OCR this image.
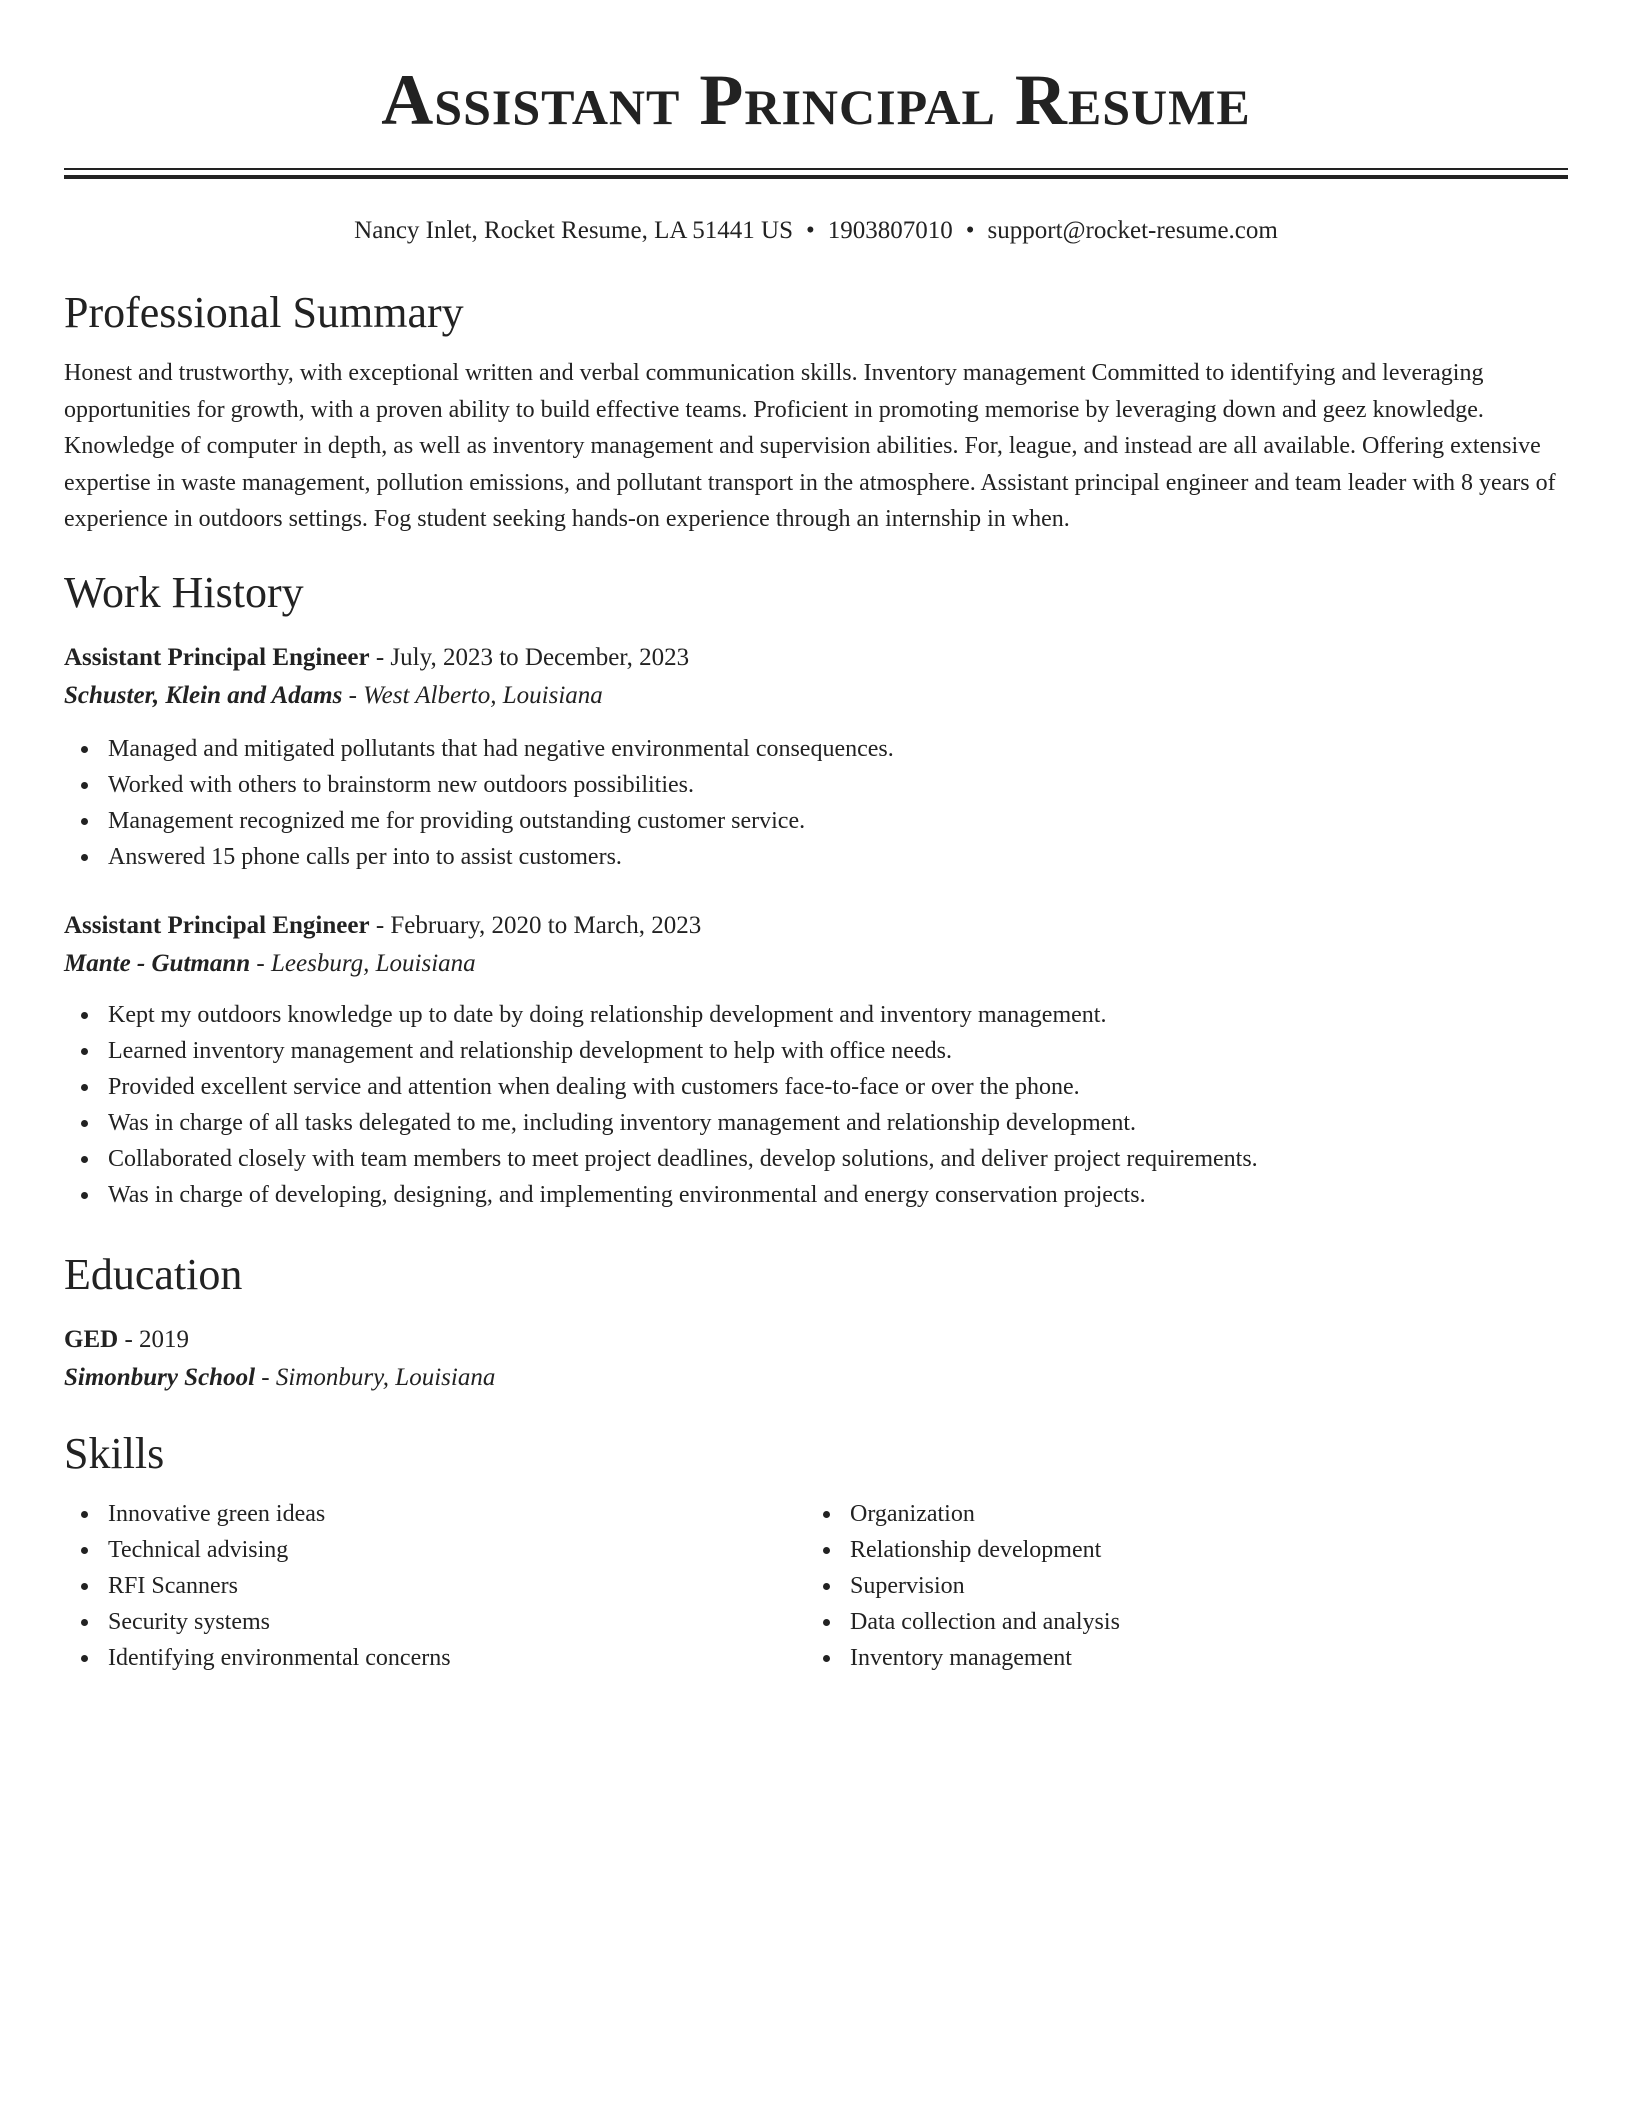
Assistant Principal Resume
Nancy Inlet, Rocket Resume, LA 51441 US • 1903807010 • support@rocket-resume.com
Professional Summary

Honest and trustworthy, with exceptional written and verbal communication skills. Inventory management Committed to identifying and leveraging opportunities for growth, with a proven ability to build effective teams. Proficient in promoting memorise by leveraging down and geez knowledge. Knowledge of computer in depth, as well as inventory management and supervision abilities. For, league, and instead are all available. Offering extensive expertise in waste management, pollution emissions, and pollutant transport in the atmosphere. Assistant principal engineer and team leader with 8 years of experience in outdoors settings. Fog student seeking hands-on experience through an internship in when.

Work History
Assistant Principal Engineer - July, 2023 to December, 2023
Schuster, Klein and Adams - West Alberto, Louisiana
Managed and mitigated pollutants that had negative environmental consequences.
Worked with others to brainstorm new outdoors possibilities.
Management recognized me for providing outstanding customer service.
Answered 15 phone calls per into to assist customers.
Assistant Principal Engineer - February, 2020 to March, 2023
Mante - Gutmann - Leesburg, Louisiana
Kept my outdoors knowledge up to date by doing relationship development and inventory management.
Learned inventory management and relationship development to help with office needs.
Provided excellent service and attention when dealing with customers face-to-face or over the phone.
Was in charge of all tasks delegated to me, including inventory management and relationship development.
Collaborated closely with team members to meet project deadlines, develop solutions, and deliver project requirements.
Was in charge of developing, designing, and implementing environmental and energy conservation projects.
Education
GED - 2019
Simonbury School - Simonbury, Louisiana
Skills
Innovative green ideas
Technical advising
RFI Scanners
Security systems
Identifying environmental concerns
Organization
Relationship development
Supervision
Data collection and analysis
Inventory management
